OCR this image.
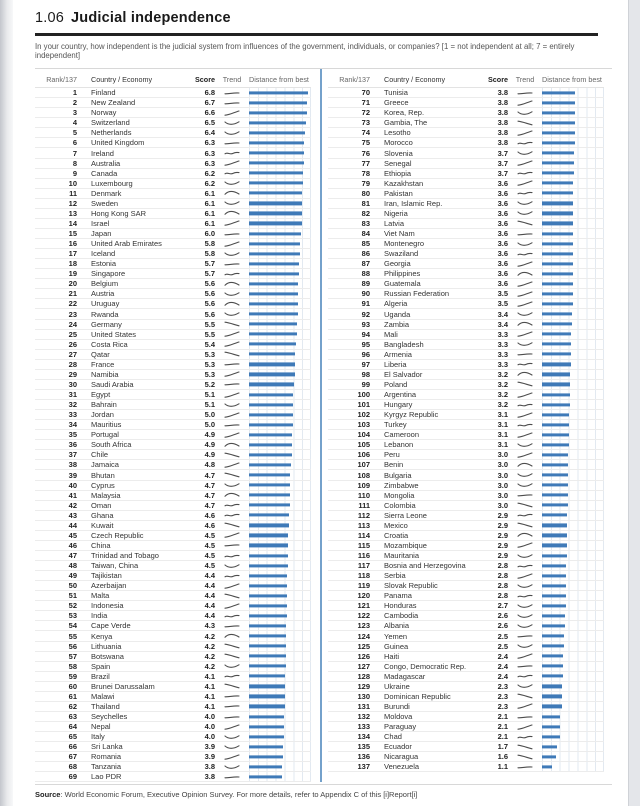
1.06 Judicial independence

In your country, how independent is the judicial system from influences of the government, individuals, or companies? [1 = not independent at all; 7 = entirely independent]

Rank/137	Country / Economy	Score	Trend	Distance from best
1	Finland	6.8
2	New Zealand	6.7
3	Norway	6.6
4	Switzerland	6.5
5	Netherlands	6.4
6	United Kingdom	6.3
7	Ireland	6.3
8	Australia	6.3
9	Canada	6.2
10	Luxembourg	6.2
11	Denmark	6.1
12	Sweden	6.1
13	Hong Kong SAR	6.1
14	Israel	6.1
15	Japan	6.0
16	United Arab Emirates	5.8
17	Iceland	5.8
18	Estonia	5.7
19	Singapore	5.7
20	Belgium	5.6
21	Austria	5.6
22	Uruguay	5.6
23	Rwanda	5.6
24	Germany	5.5
25	United States	5.5
26	Costa Rica	5.4
27	Qatar	5.3
28	France	5.3
29	Namibia	5.3
30	Saudi Arabia	5.2
31	Egypt	5.1
32	Bahrain	5.1
33	Jordan	5.0
34	Mauritius	5.0
35	Portugal	4.9
36	South Africa	4.9
37	Chile	4.9
38	Jamaica	4.8
39	Bhutan	4.7
40	Cyprus	4.7
41	Malaysia	4.7
42	Oman	4.7
43	Ghana	4.6
44	Kuwait	4.6
45	Czech Republic	4.5
46	China	4.5
47	Trinidad and Tobago	4.5
48	Taiwan, China	4.5
49	Tajikistan	4.4
50	Azerbaijan	4.4
51	Malta	4.4
52	Indonesia	4.4
53	India	4.4
54	Cape Verde	4.3
55	Kenya	4.2
56	Lithuania	4.2
57	Botswana	4.2
58	Spain	4.2
59	Brazil	4.1
60	Brunei Darussalam	4.1
61	Malawi	4.1
62	Thailand	4.1
63	Seychelles	4.0
64	Nepal	4.0
65	Italy	4.0
66	Sri Lanka	3.9
67	Romania	3.9
68	Tanzania	3.8
69	Lao PDR	3.8
Rank/137	Country / Economy	Score	Trend	Distance from best
70	Tunisia	3.8
71	Greece	3.8
72	Korea, Rep.	3.8
73	Gambia, The	3.8
74	Lesotho	3.8
75	Morocco	3.8
76	Slovenia	3.7
77	Senegal	3.7
78	Ethiopia	3.7
79	Kazakhstan	3.6
80	Pakistan	3.6
81	Iran, Islamic Rep.	3.6
82	Nigeria	3.6
83	Latvia	3.6
84	Viet Nam	3.6
85	Montenegro	3.6
86	Swaziland	3.6
87	Georgia	3.6
88	Philippines	3.6
89	Guatemala	3.6
90	Russian Federation	3.5
91	Algeria	3.5
92	Uganda	3.4
93	Zambia	3.4
94	Mali	3.3
95	Bangladesh	3.3
96	Armenia	3.3
97	Liberia	3.3
98	El Salvador	3.2
99	Poland	3.2
100	Argentina	3.2
101	Hungary	3.2
102	Kyrgyz Republic	3.1
103	Turkey	3.1
104	Cameroon	3.1
105	Lebanon	3.1
106	Peru	3.0
107	Benin	3.0
108	Bulgaria	3.0
109	Zimbabwe	3.0
110	Mongolia	3.0
111	Colombia	3.0
112	Sierra Leone	2.9
113	Mexico	2.9
114	Croatia	2.9
115	Mozambique	2.9
116	Mauritania	2.9
117	Bosnia and Herzegovina	2.8
118	Serbia	2.8
119	Slovak Republic	2.8
120	Panama	2.8
121	Honduras	2.7
122	Cambodia	2.6
123	Albania	2.6
124	Yemen	2.5
125	Guinea	2.5
126	Haiti	2.4
127	Congo, Democratic Rep.	2.4
128	Madagascar	2.4
129	Ukraine	2.3
130	Dominican Republic	2.3
131	Burundi	2.3
132	Moldova	2.1
133	Paraguay	2.1
134	Chad	2.1
135	Ecuador	1.7
136	Nicaragua	1.6
137	Venezuela	1.1

Source: World Economic Forum, Executive Opinion Survey. For more details, refer to Appendix C of this [i]Report[i]
